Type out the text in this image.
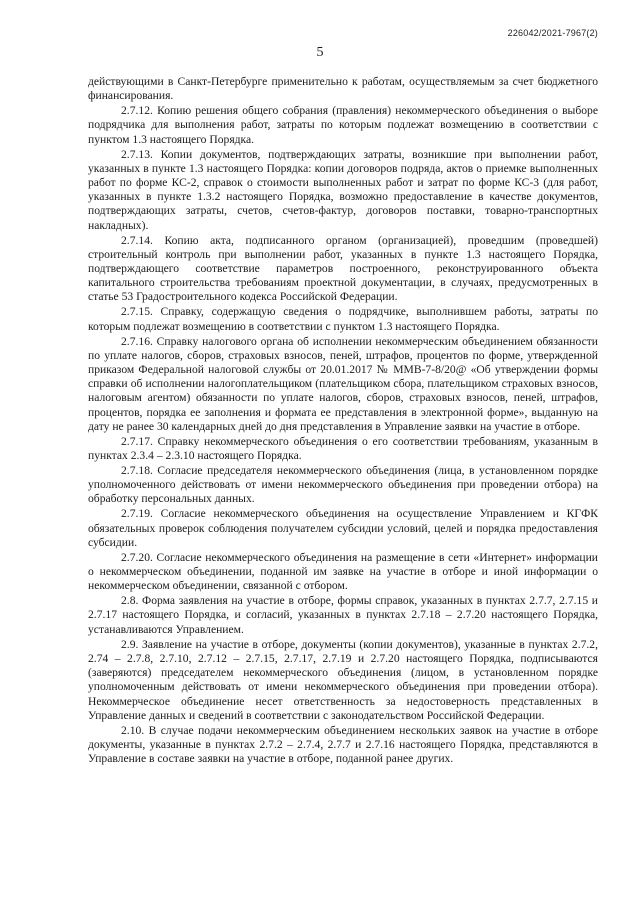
226042/2021-7967(2)
5

действующими в Санкт-Петербурге применительно к работам, осуществляемым за счет бюджетного финансирования.

2.7.12. Копию решения общего собрания (правления) некоммерческого объединения о выборе подрядчика для выполнения работ, затраты по которым подлежат возмещению в соответствии с пунктом 1.3 настоящего Порядка.

2.7.13. Копии документов, подтверждающих затраты, возникшие при выполнении работ, указанных в пункте 1.3 настоящего Порядка: копии договоров подряда, актов о приемке выполненных работ по форме КС-2, справок о стоимости выполненных работ и затрат по форме КС-3 (для работ, указанных в пункте 1.3.2 настоящего Порядка, возможно предоставление в качестве документов, подтверждающих затраты, счетов, счетов-фактур, договоров поставки, товарно-транспортных накладных).

2.7.14. Копию акта, подписанного органом (организацией), проведшим (проведшей) строительный контроль при выполнении работ, указанных в пункте 1.3 настоящего Порядка, подтверждающего соответствие параметров построенного, реконструированного объекта капитального строительства требованиям проектной документации, в случаях, предусмотренных в статье 53 Градостроительного кодекса Российской Федерации.

2.7.15. Справку, содержащую сведения о подрядчике, выполнившем работы, затраты по которым подлежат возмещению в соответствии с пунктом 1.3 настоящего Порядка.

2.7.16. Справку налогового органа об исполнении некоммерческим объединением обязанности по уплате налогов, сборов, страховых взносов, пеней, штрафов, процентов по форме, утвержденной приказом Федеральной налоговой службы от 20.01.2017 № ММВ-7-8/20@ «Об утверждении формы справки об исполнении налогоплательщиком (плательщиком сбора, плательщиком страховых взносов, налоговым агентом) обязанности по уплате налогов, сборов, страховых взносов, пеней, штрафов, процентов, порядка ее заполнения и формата ее представления в электронной форме», выданную на дату не ранее 30 календарных дней до дня представления в Управление заявки на участие в отборе.

2.7.17. Справку некоммерческого объединения о его соответствии требованиям, указанным в пунктах 2.3.4 – 2.3.10 настоящего Порядка.

2.7.18. Согласие председателя некоммерческого объединения (лица, в установленном порядке уполномоченного действовать от имени некоммерческого объединения при проведении отбора) на обработку персональных данных.

2.7.19. Согласие некоммерческого объединения на осуществление Управлением и КГФК обязательных проверок соблюдения получателем субсидии условий, целей и порядка предоставления субсидии.

2.7.20. Согласие некоммерческого объединения на размещение в сети «Интернет» информации о некоммерческом объединении, поданной им заявке на участие в отборе и иной информации о некоммерческом объединении, связанной с отбором.

2.8. Форма заявления на участие в отборе, формы справок, указанных в пунктах 2.7.7, 2.7.15 и 2.7.17 настоящего Порядка, и согласий, указанных в пунктах 2.7.18 – 2.7.20 настоящего Порядка, устанавливаются Управлением.

2.9. Заявление на участие в отборе, документы (копии документов), указанные в пунктах 2.7.2, 2.74 – 2.7.8, 2.7.10, 2.7.12 – 2.7.15, 2.7.17, 2.7.19 и 2.7.20 настоящего Порядка, подписываются (заверяются) председателем некоммерческого объединения (лицом, в установленном порядке уполномоченным действовать от имени некоммерческого объединения при проведении отбора). Некоммерческое объединение несет ответственность за недостоверность представленных в Управление данных и сведений в соответствии с законодательством Российской Федерации.

2.10. В случае подачи некоммерческим объединением нескольких заявок на участие в отборе документы, указанные в пунктах 2.7.2 – 2.7.4, 2.7.7 и 2.7.16 настоящего Порядка, представляются в Управление в составе заявки на участие в отборе, поданной ранее других.
